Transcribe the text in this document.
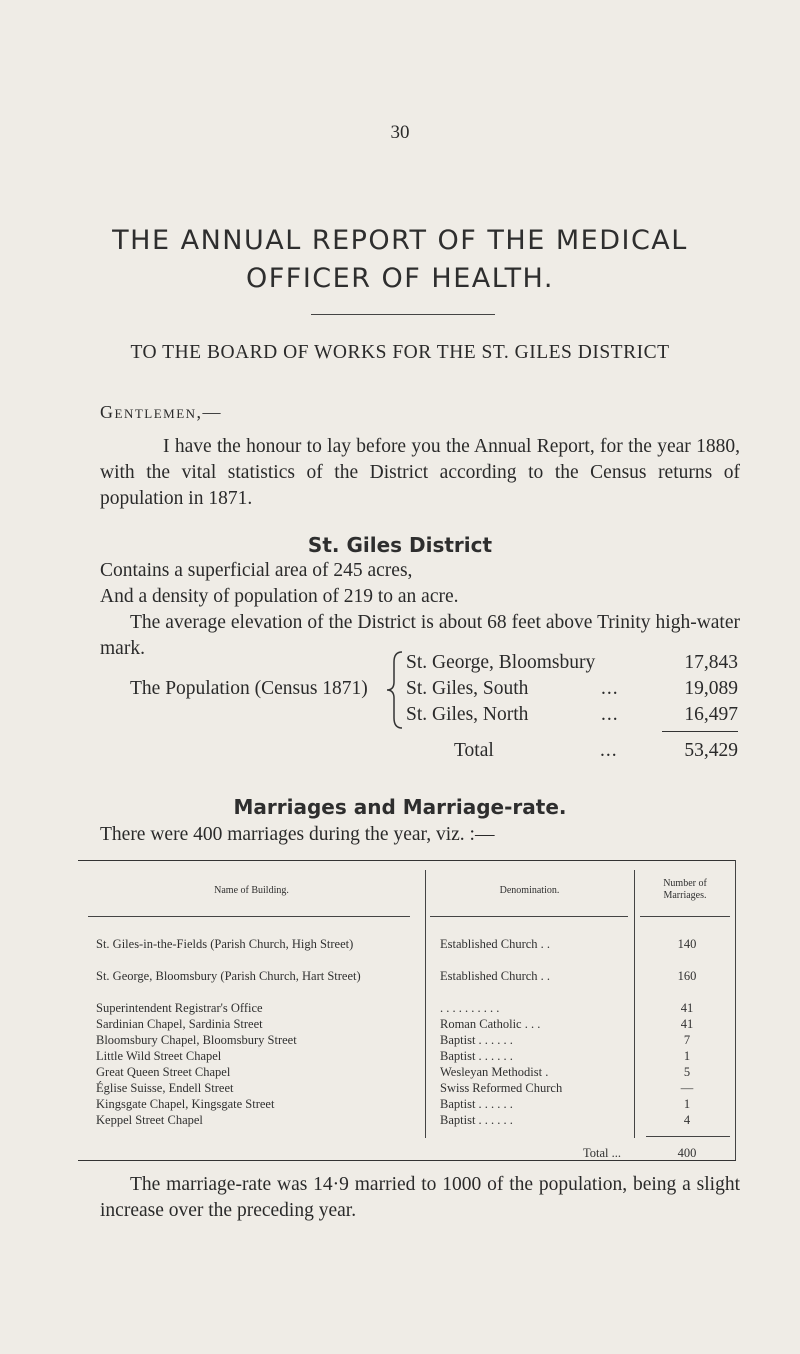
30
THE ANNUAL REPORT OF THE MEDICAL OFFICER OF HEALTH.
TO THE BOARD OF WORKS FOR THE ST. GILES DISTRICT
Gentlemen,—
I have the honour to lay before you the Annual Report, for the year 1880, with the vital statistics of the District according to the Census returns of population in 1871.
St. Giles District
Contains a superficial area of 245 acres,
And a density of population of 219 to an acre.
The average elevation of the District is about 68 feet above Trinity high-water mark.
The Population (Census 1871)
St. George, Bloomsbury	17,843
St. Giles, South	...	19,089
St. Giles, North	...	16,497
Total	...	53,429
Marriages and Marriage-rate.
There were 400 marriages during the year, viz. :—
Name of Building.	Denomination.
Number of Marriages.
St. Giles-in-the-Fields (Parish Church, High Street)	Established Church . .	140
St. George, Bloomsbury (Parish Church, Hart Street)	Established Church . .	160
Superintendent Registrar's Office	. . . . . . . . . .	41
Sardinian Chapel, Sardinia Street	Roman Catholic . . .	41
Bloomsbury Chapel, Bloomsbury Street	Baptist . . . . . .	7
Little Wild Street Chapel	Baptist . . . . . .	1
Great Queen Street Chapel	Wesleyan Methodist .	5
Église Suisse, Endell Street	Swiss Reformed Church	—
Kingsgate Chapel, Kingsgate Street	Baptist . . . . . .	1
Keppel Street Chapel	Baptist . . . . . .	4
Total ...	400
The marriage-rate was 14·9 married to 1000 of the population, being a slight increase over the preceding year.
